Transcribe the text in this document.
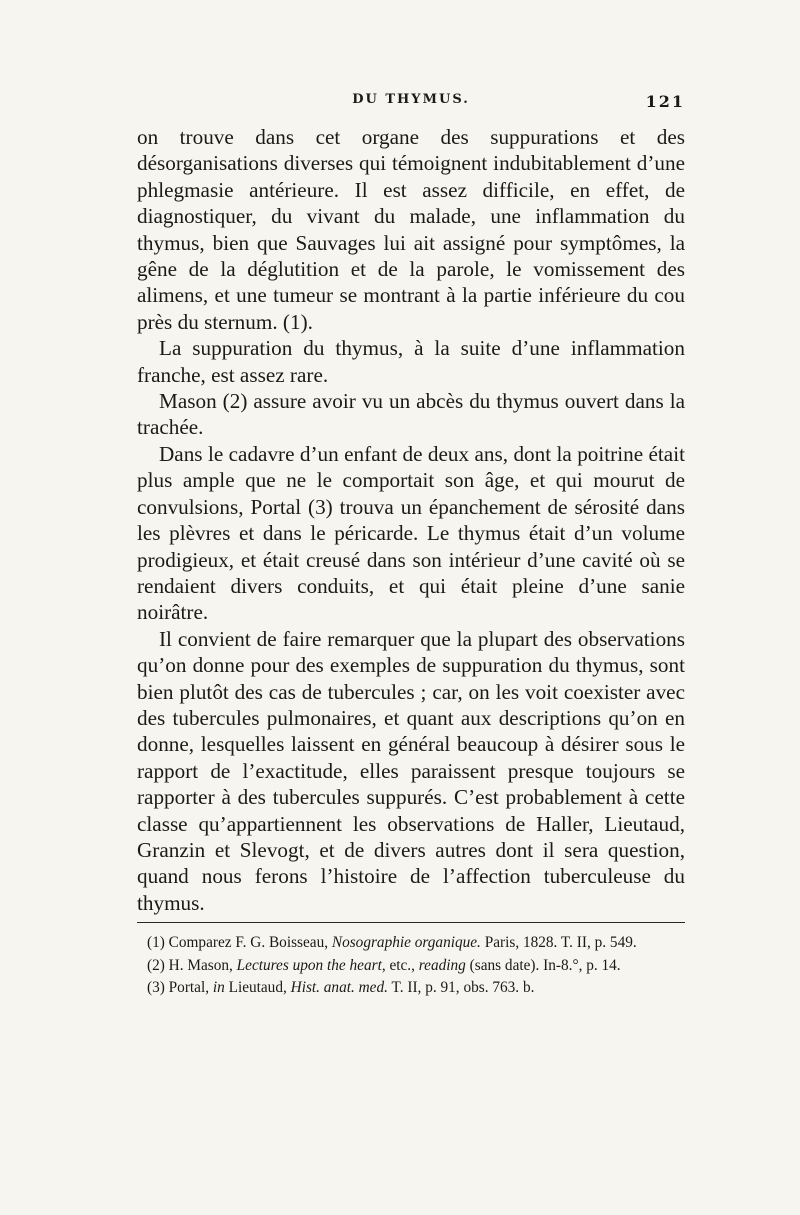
DU THYMUS.	121

on trouve dans cet organe des suppurations et des désorganisations diverses qui témoignent indubitablement d’une phlegmasie antérieure. Il est assez difficile, en effet, de diagnostiquer, du vivant du malade, une inflammation du thymus, bien que Sauvages lui ait assigné pour symptômes, la gêne de la déglutition et de la parole, le vomissement des alimens, et une tumeur se montrant à la partie inférieure du cou près du sternum. (1).

La suppuration du thymus, à la suite d’une inflammation franche, est assez rare.

Mason (2) assure avoir vu un abcès du thymus ouvert dans la trachée.

Dans le cadavre d’un enfant de deux ans, dont la poitrine était plus ample que ne le comportait son âge, et qui mourut de convulsions, Portal (3) trouva un épanchement de sérosité dans les plèvres et dans le péricarde. Le thymus était d’un volume prodigieux, et était creusé dans son intérieur d’une cavité où se rendaient divers conduits, et qui était pleine d’une sanie noirâtre.

Il convient de faire remarquer que la plupart des observations qu’on donne pour des exemples de suppuration du thymus, sont bien plutôt des cas de tubercules ; car, on les voit coexister avec des tubercules pulmonaires, et quant aux descriptions qu’on en donne, lesquelles laissent en général beaucoup à désirer sous le rapport de l’exactitude, elles paraissent presque toujours se rapporter à des tubercules suppurés. C’est probablement à cette classe qu’appartiennent les observations de Haller, Lieutaud, Granzin et Slevogt, et de divers autres dont il sera question, quand nous ferons l’histoire de l’affection tuberculeuse du thymus.

(1) Comparez F. G. Boisseau, Nosographie organique. Paris, 1828. T. II, p. 549.

(2) H. Mason, Lectures upon the heart, etc., reading (sans date). In-8.°, p. 14.

(3) Portal, in Lieutaud, Hist. anat. med. T. II, p. 91, obs. 763. b.
